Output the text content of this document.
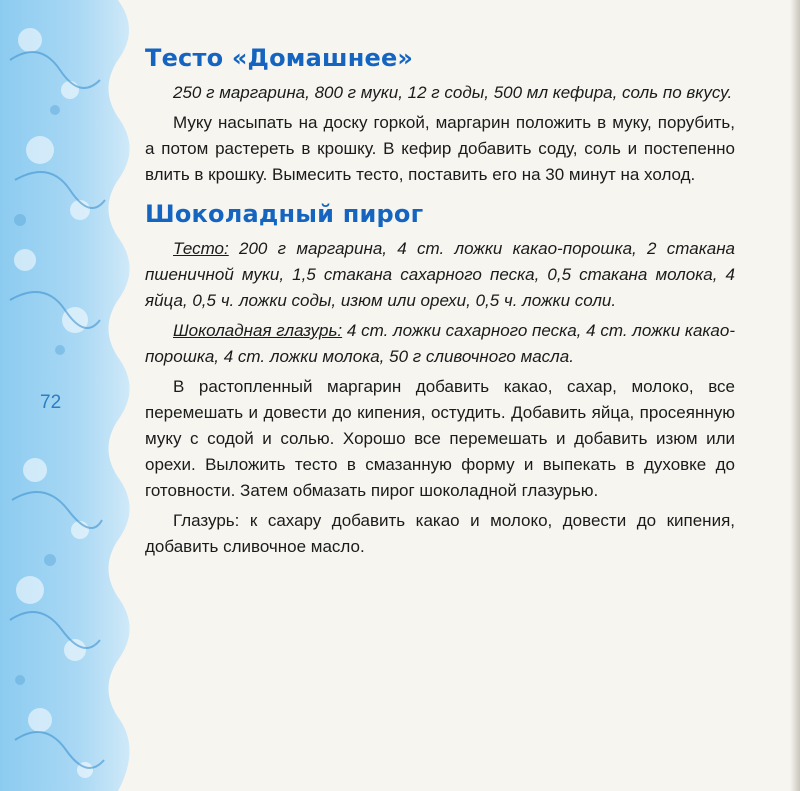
72
Тесто «Домашнее»

250 г маргарина, 800 г муки, 12 г соды, 500 мл кефира, соль по вкусу.

Муку насыпать на доску горкой, маргарин положить в муку, порубить, а потом растереть в крошку. В кефир добавить соду, соль и постепенно влить в крошку. Вымесить тесто, поставить его на 30 минут на холод.

Шоколадный пирог

Тесто: 200 г маргарина, 4 ст. ложки какао-порошка, 2 стакана пшеничной муки, 1,5 стакана сахарного песка, 0,5 стакана молока, 4 яйца, 0,5 ч. ложки соды, изюм или орехи, 0,5 ч. ложки соли.

Шоколадная глазурь: 4 ст. ложки сахарного песка, 4 ст. ложки какао-порошка, 4 ст. ложки молока, 50 г сливочного масла.

В растопленный маргарин добавить какао, сахар, молоко, все перемешать и довести до кипения, остудить. Добавить яйца, просеянную муку с содой и солью. Хорошо все перемешать и добавить изюм или орехи. Выложить тесто в смазанную форму и выпекать в духовке до готовности. Затем обмазать пирог шоколадной глазурью.

Глазурь: к сахару добавить какао и молоко, довести до кипения, добавить сливочное масло.
